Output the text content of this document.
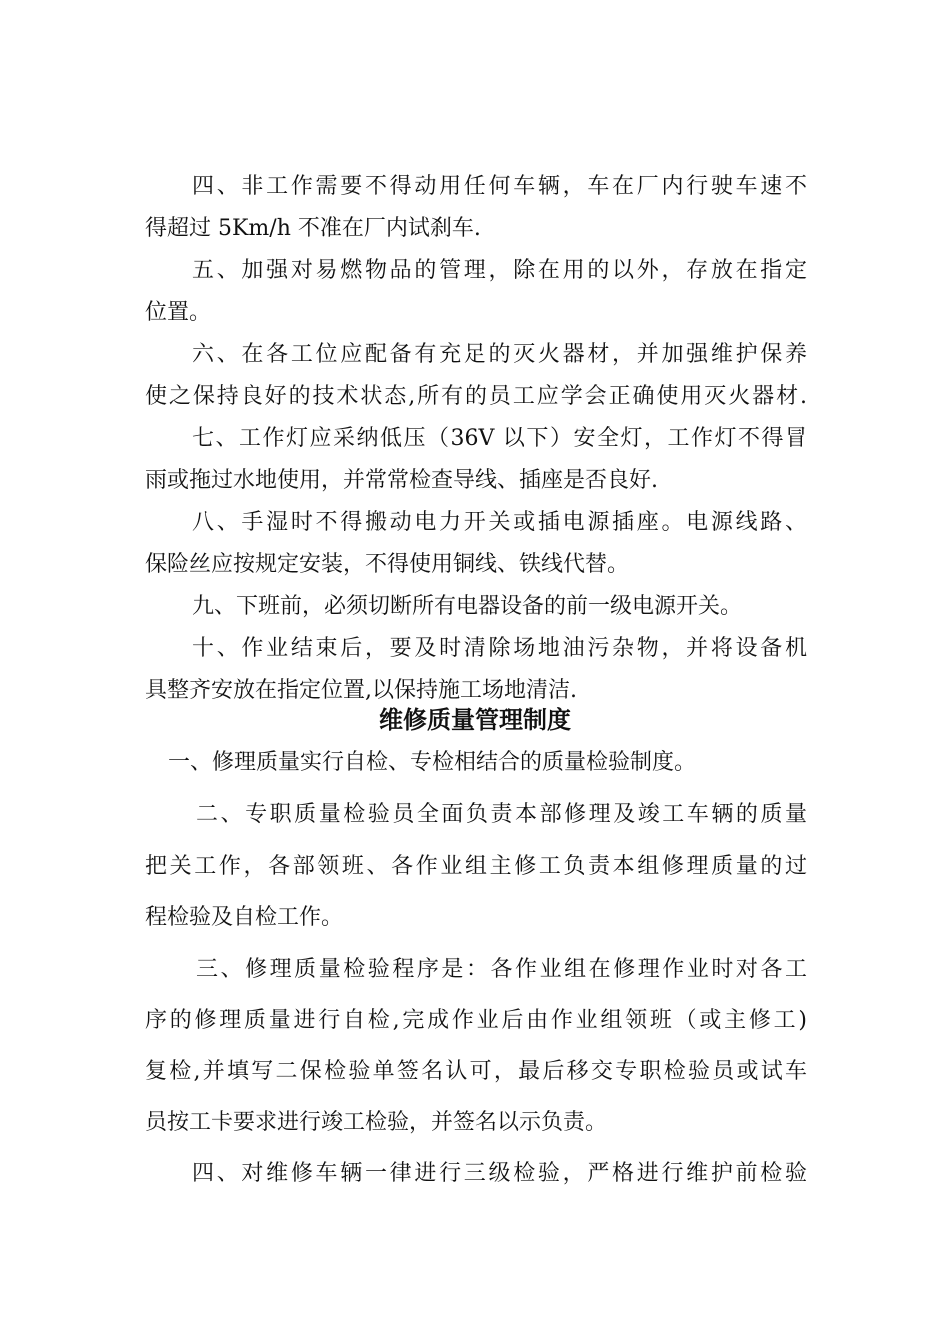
四、非工作需要不得动用任何车辆，车在厂内行驶车速不

得超过 5Km/h 不准在厂内试刹车.

五、加强对易燃物品的管理，除在用的以外，存放在指定

位置。

六、在各工位应配备有充足的灭火器材，并加强维护保养

使之保持良好的技术状态,所有的员工应学会正确使用灭火器材.

七、工作灯应采纳低压（36V 以下）安全灯，工作灯不得冒

雨或拖过水地使用，并常常检查导线、插座是否良好.

八、手湿时不得搬动电力开关或插电源插座。电源线路、

保险丝应按规定安装，不得使用铜线、铁线代替。

九、下班前，必须切断所有电器设备的前一级电源开关。

十、作业结束后，要及时清除场地油污杂物，并将设备机

具整齐安放在指定位置,以保持施工场地清洁.

维修质量管理制度

一、修理质量实行自检、专检相结合的质量检验制度。

二、专职质量检验员全面负责本部修理及竣工车辆的质量

把关工作，各部领班、各作业组主修工负责本组修理质量的过

程检验及自检工作。

三、修理质量检验程序是：各作业组在修理作业时对各工

序的修理质量进行自检,完成作业后由作业组领班（或主修工)

复检,并填写二保检验单签名认可，最后移交专职检验员或试车

员按工卡要求进行竣工检验，并签名以示负责。

四、对维修车辆一律进行三级检验，严格进行维护前检验
